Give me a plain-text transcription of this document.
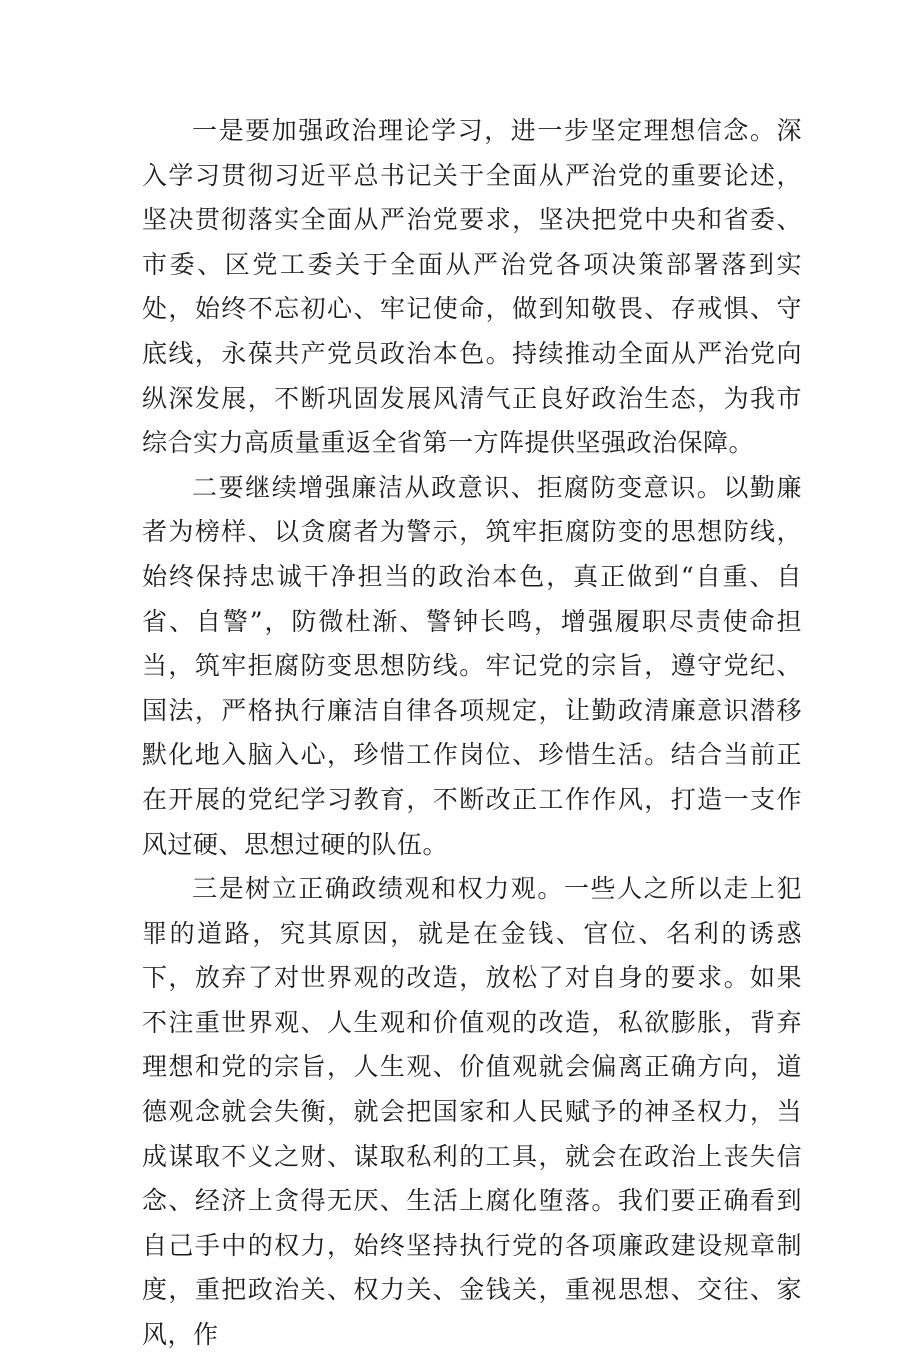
一是要加强政治理论学习，进一步坚定理想信念。深入学习贯彻习近平总书记关于全面从严治党的重要论述，坚决贯彻落实全面从严治党要求，坚决把党中央和省委、市委、区党工委关于全面从严治党各项决策部署落到实处，始终不忘初心、牢记使命，做到知敬畏、存戒惧、守底线，永葆共产党员政治本色。持续推动全面从严治党向纵深发展，不断巩固发展风清气正良好政治生态，为我市综合实力高质量重返全省第一方阵提供坚强政治保障。

二要继续增强廉洁从政意识、拒腐防变意识。以勤廉者为榜样、以贪腐者为警示，筑牢拒腐防变的思想防线，始终保持忠诚干净担当的政治本色，真正做到“自重、自省、自警”，防微杜渐、警钟长鸣，增强履职尽责使命担当，筑牢拒腐防变思想防线。牢记党的宗旨，遵守党纪、国法，严格执行廉洁自律各项规定，让勤政清廉意识潜移默化地入脑入心，珍惜工作岗位、珍惜生活。结合当前正在开展的党纪学习教育，不断改正工作作风，打造一支作风过硬、思想过硬的队伍。

三是树立正确政绩观和权力观。一些人之所以走上犯罪的道路，究其原因，就是在金钱、官位、名利的诱惑下，放弃了对世界观的改造，放松了对自身的要求。如果不注重世界观、人生观和价值观的改造，私欲膨胀，背弃理想和党的宗旨，人生观、价值观就会偏离正确方向，道德观念就会失衡，就会把国家和人民赋予的神圣权力，当成谋取不义之财、谋取私利的工具，就会在政治上丧失信念、经济上贪得无厌、生活上腐化堕落。我们要正确看到自己手中的权力，始终坚持执行党的各项廉政建设规章制度，重把政治关、权力关、金钱关，重视思想、交往、家风，作
